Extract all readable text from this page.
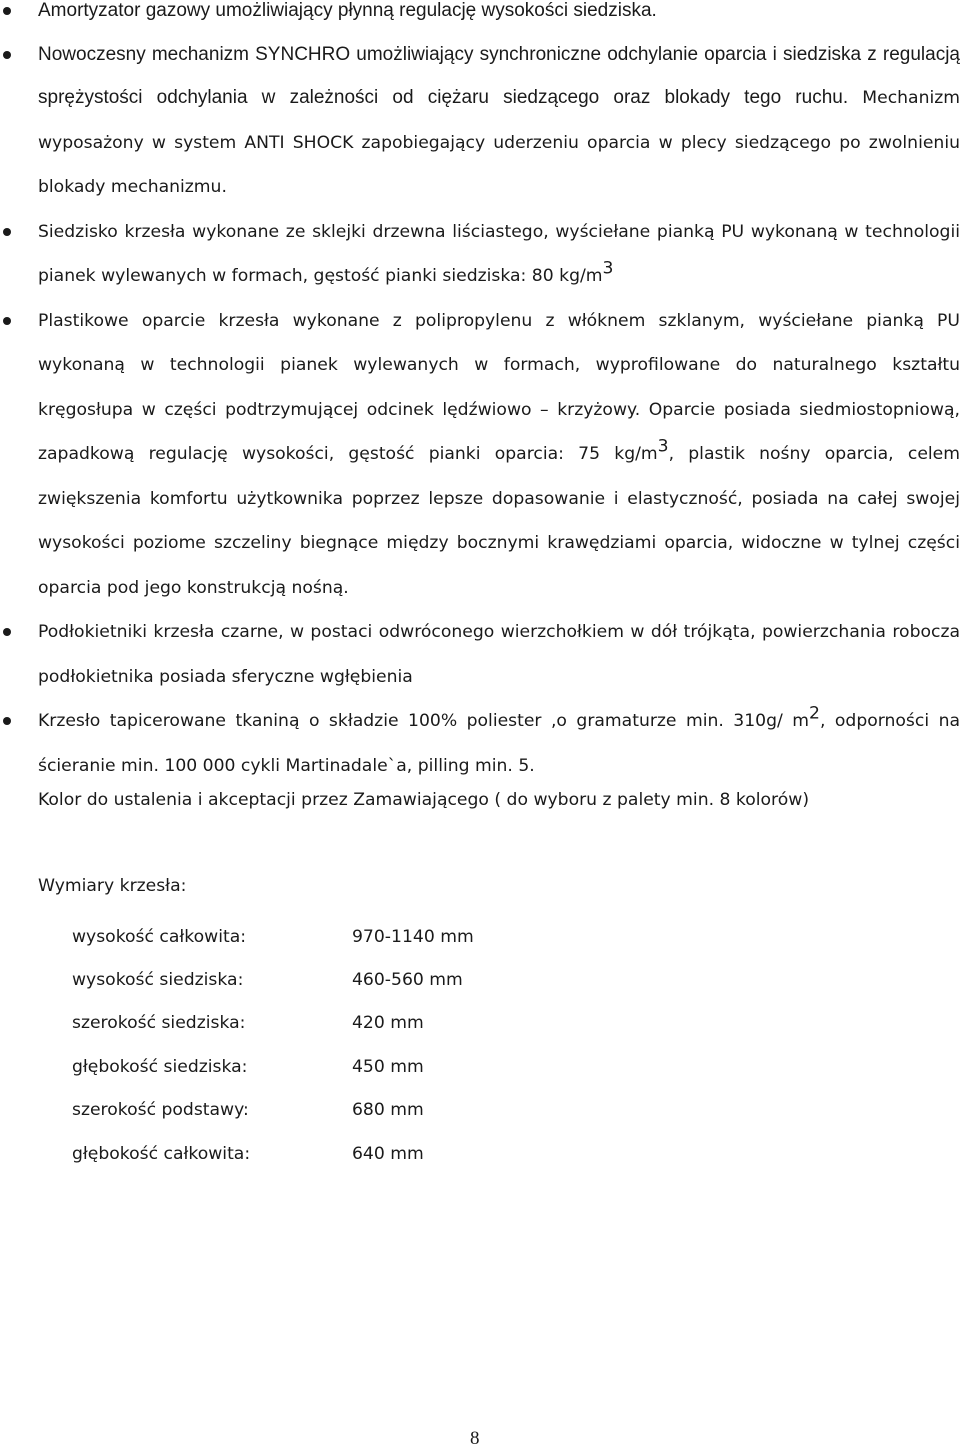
Amortyzator gazowy umożliwiający płynną regulację wysokości siedziska.
Nowoczesny mechanizm SYNCHRO umożliwiający synchroniczne odchylanie oparcia i siedziska z regulacją sprężystości odchylania w zależności od ciężaru siedzącego oraz blokady tego ruchu. Mechanizm wyposażony w system ANTI SHOCK zapobiegający uderzeniu oparcia w plecy siedzącego po zwolnieniu blokady mechanizmu.
Siedzisko krzesła wykonane ze sklejki drzewna liściastego, wyściełane pianką PU wykonaną w technologii pianek wylewanych w formach, gęstość pianki siedziska: 80 $kg/m^3$
Plastikowe oparcie krzesła wykonane z polipropylenu z włóknem szklanym, wyściełane pianką PU wykonaną w technologii pianek wylewanych w formach, wyprofilowane do naturalnego kształtu kręgosłupa w części podtrzymującej odcinek lędźwiowo – krzyżowy. Oparcie posiada siedmiostopniową, zapadkową regulację wysokości, gęstość pianki oparcia: 75 $kg/m^3$, plastik nośny oparcia, celem zwiększenia komfortu użytkownika poprzez lepsze dopasowanie i elastyczność, posiada na całej swojej wysokości poziome szczeliny biegnące między bocznymi krawędziami oparcia, widoczne w tylnej części oparcia pod jego konstrukcją nośną.
Podłokietniki krzesła czarne, w postaci odwróconego wierzchołkiem w dół trójkąta, powierzchania robocza podłokietnika posiada sferyczne wgłębienia
Krzesło tapicerowane tkaniną o składzie 100% poliester ,o gramaturze min. 310g/ $m^2$, odporności na ścieranie min. 100 000 cykli Martinadale`a, pilling min. 5.
Kolor do ustalenia i akceptacji przez Zamawiającego ( do wyboru z palety min. 8 kolorów)
Wymiary krzesła:
wysokość całkowita:	970-1140 mm
wysokość siedziska:	460-560 mm
szerokość siedziska:	420 mm
głębokość siedziska:	450 mm
szerokość podstawy:	680 mm
głębokość całkowita:	640 mm
8
